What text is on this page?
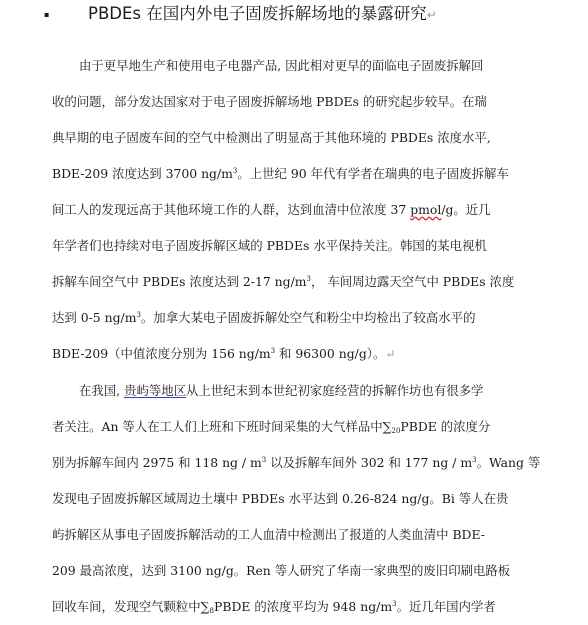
▪ PBDEs 在国内外电子固废拆解场地的暴露研究↵
由于更早地生产和使用电子电器产品, 因此相对更早的面临电子固废拆解回
收的问题，部分发达国家对于电子固废拆解场地 PBDEs 的研究起步较早。在瑞
典早期的电子固废车间的空气中检测出了明显高于其他环境的 PBDEs 浓度水平,
BDE-209 浓度达到 3700 $ng/m^3$。上世纪 90 年代有学者在瑞典的电子固废拆解车
间工人的发现远高于其他环境工作的人群，达到血清中位浓度 37 pmol/g。近几
年学者们也持续对电子固废拆解区域的 PBDEs 水平保持关注。韩国的某电视机
拆解车间空气中 PBDEs 浓度达到 2-17 $ng/m^3$， 车间周边露天空气中 PBDEs 浓度
达到 0-5 $ng/m^3$。加拿大某电子固废拆解处空气和粉尘中均检出了较高水平的
BDE-209（中值浓度分别为 156 $ng/m^3$ 和 96300 ng/g）。↵
在我国, 贵屿等地区从上世纪末到本世纪初家庭经营的拆解作坊也有很多学
者关注。An 等人在工人们上班和下班时间采集的大气样品中$\sum_{20}PBDE$ 的浓度分
别为拆解车间内 2975 和 118 ng / $m^3$ 以及拆解车间外 302 和 177 ng / $m^3$。Wang 等
发现电子固废拆解区域周边土壤中 PBDEs 水平达到 0.26-824 ng/g。Bi 等人在贵
屿拆解区从事电子固废拆解活动的工人血清中检测出了报道的人类血清中 BDE-
209 最高浓度，达到 3100 ng/g。Ren 等人研究了华南一家典型的废旧印刷电路板
回收车间，发现空气颗粒中$\sum_8PBDE$ 的浓度平均为 948 $ng/m^3$。近几年国内学者
